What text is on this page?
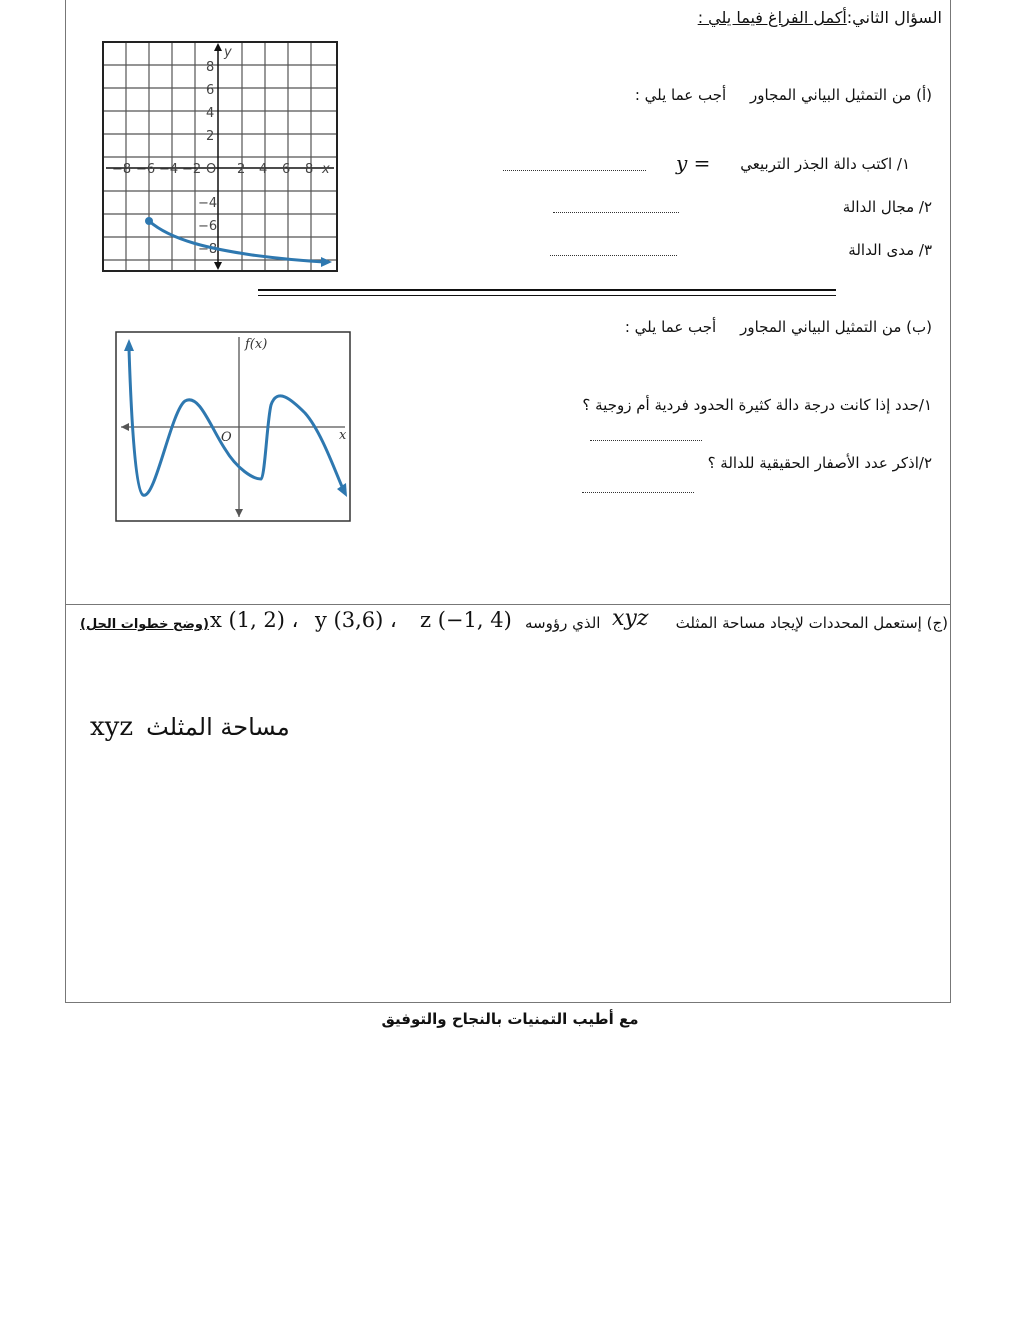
السؤال الثاني:أكمل الفراغ فيما يلي :
(أ) من التمثيل البياني المجاور     أجب عما يلي :
١/ اكتب دالة الجذر التربيعي
y =
٢/ مجال الدالة
٣/ مدى الدالة
−8 −6 −4 −2 O 2 4 6 8 x
y
8
6
4
2
−4
−6
−8
(ب) من التمثيل البياني المجاور     أجب عما يلي :
١/حدد إذا كانت درجة دالة كثيرة الحدود فردية أم زوجية ؟
٢/اذكر عدد الأصفار الحقيقية للدالة ؟
f(x)
x
O
(ج) إستعمل المحددات لإيجاد مساحة المثلث
xyz
الذي رؤوسه
z (−1, 4)
y (3,6) ،
x (1, 2) ،
(وضح خطوات الحل)
xyz مساحة المثلث
مع أطيب التمنيات بالنجاح والتوفيق
